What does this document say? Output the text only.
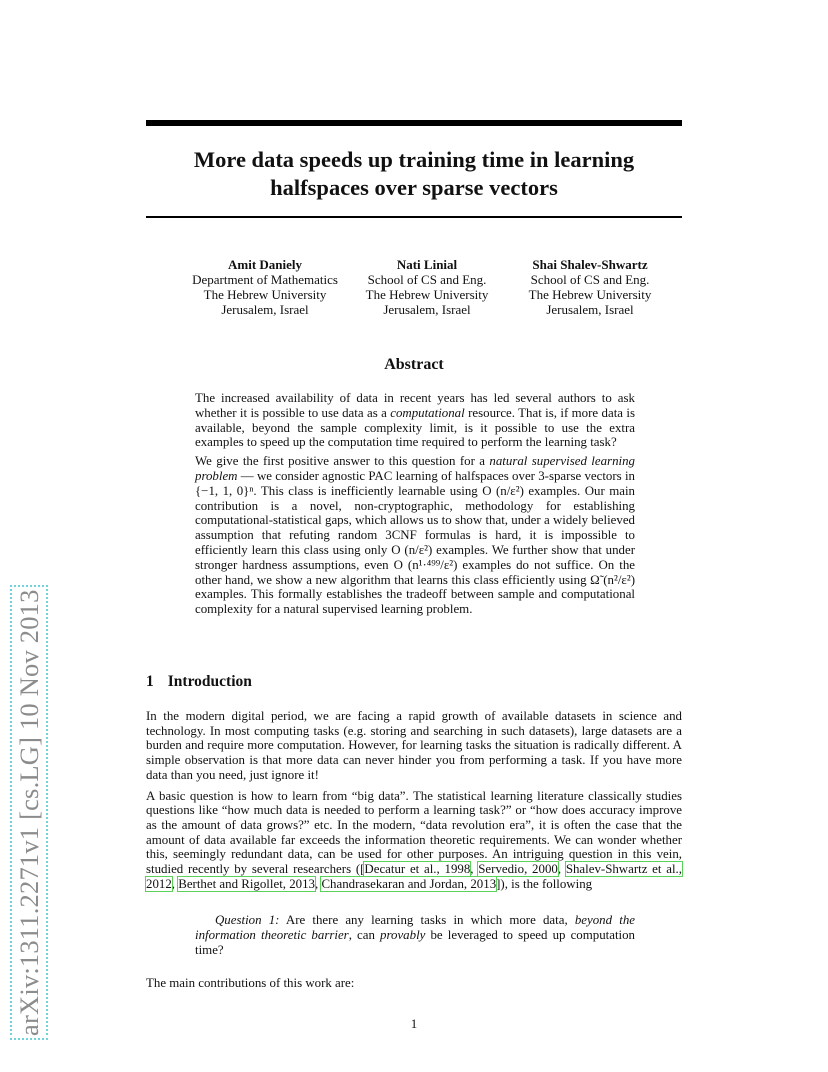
arXiv:1311.2271v1 [cs.LG] 10 Nov 2013
More data speeds up training time in learning halfspaces over sparse vectors
Amit Daniely
Department of Mathematics
The Hebrew University
Jerusalem, Israel
Nati Linial
School of CS and Eng.
The Hebrew University
Jerusalem, Israel
Shai Shalev-Shwartz
School of CS and Eng.
The Hebrew University
Jerusalem, Israel
Abstract

The increased availability of data in recent years has led several authors to ask whether it is possible to use data as a computational resource. That is, if more data is available, beyond the sample complexity limit, is it possible to use the extra examples to speed up the computation time required to perform the learning task?

We give the first positive answer to this question for a natural supervised learning problem — we consider agnostic PAC learning of halfspaces over 3-sparse vectors in {−1, 1, 0}ⁿ. This class is inefficiently learnable using O (n/ε²) examples. Our main contribution is a novel, non-cryptographic, methodology for establishing computational-statistical gaps, which allows us to show that, under a widely believed assumption that refuting random 3CNF formulas is hard, it is impossible to efficiently learn this class using only O (n/ε²) examples. We further show that under stronger hardness assumptions, even O (n¹·⁴⁹⁹/ε²) examples do not suffice. On the other hand, we show a new algorithm that learns this class efficiently using Ω̃ (n²/ε²) examples. This formally establishes the tradeoff between sample and computational complexity for a natural supervised learning problem.

1 Introduction

In the modern digital period, we are facing a rapid growth of available datasets in science and technology. In most computing tasks (e.g. storing and searching in such datasets), large datasets are a burden and require more computation. However, for learning tasks the situation is radically different. A simple observation is that more data can never hinder you from performing a task. If you have more data than you need, just ignore it!

A basic question is how to learn from “big data”. The statistical learning literature classically studies questions like “how much data is needed to perform a learning task?” or “how does accuracy improve as the amount of data grows?” etc. In the modern, “data revolution era”, it is often the case that the amount of data available far exceeds the information theoretic requirements. We can wonder whether this, seemingly redundant data, can be used for other purposes. An intriguing question in this vein, studied recently by several researchers ([Decatur et al., 1998, Servedio, 2000, Shalev-Shwartz et al., 2012, Berthet and Rigollet, 2013, Chandrasekaran and Jordan, 2013]), is the following

Question 1: Are there any learning tasks in which more data, beyond the information theoretic barrier, can provably be leveraged to speed up computation time?
The main contributions of this work are:
1
